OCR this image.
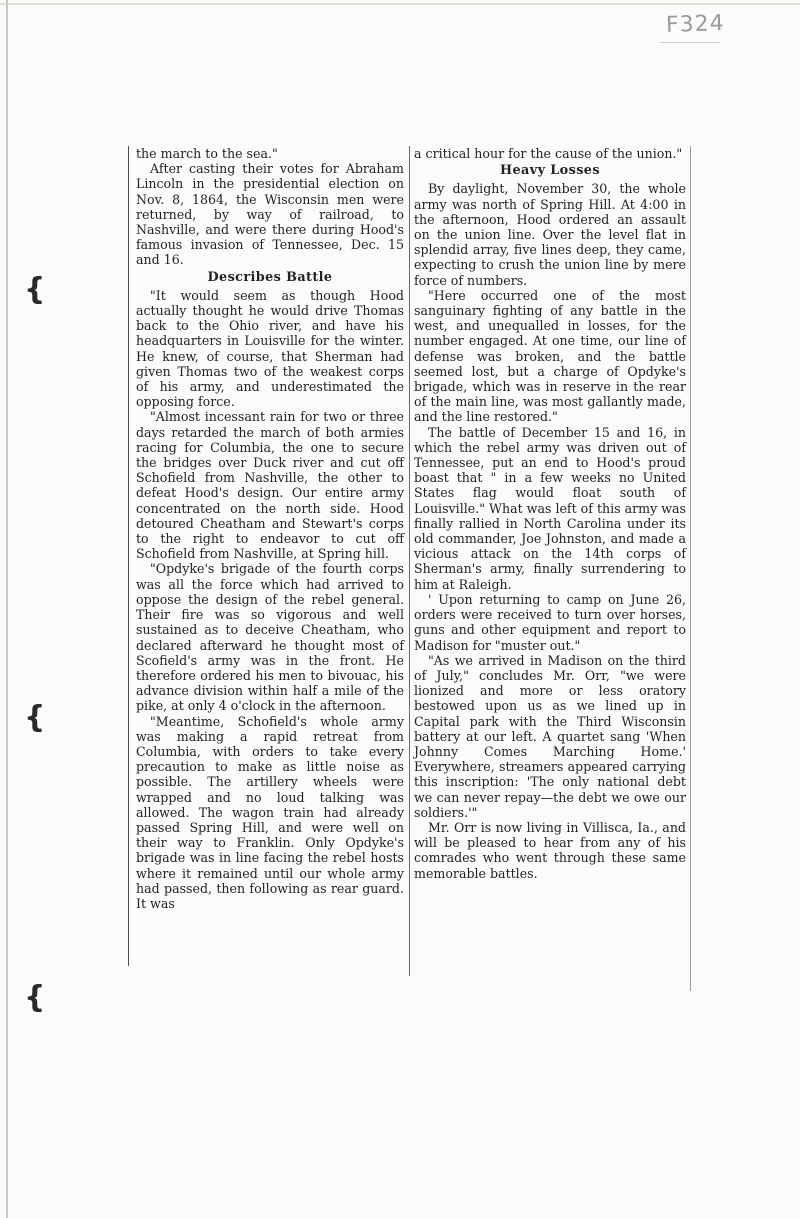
F324
{
{
{

the march to the sea."

After casting their votes for Abraham Lincoln in the presidential election on Nov. 8, 1864, the Wisconsin men were returned, by way of railroad, to Nashville, and were there during Hood's famous invasion of Tennessee, Dec. 15 and 16.

Describes Battle

"It would seem as though Hood actually thought he would drive Thomas back to the Ohio river, and have his headquarters in Louisville for the winter. He knew, of course, that Sherman had given Thomas two of the weakest corps of his army, and underestimated the opposing force.

"Almost incessant rain for two or three days retarded the march of both armies racing for Columbia, the one to secure the bridges over Duck river and cut off Schofield from Nashville, the other to defeat Hood's design. Our entire army concentrated on the north side. Hood detoured Cheatham and Stewart's corps to the right to endeavor to cut off Schofield from Nashville, at Spring hill.

"Opdyke's brigade of the fourth corps was all the force which had arrived to oppose the design of the rebel general. Their fire was so vigorous and well sustained as to deceive Cheatham, who declared afterward he thought most of Scofield's army was in the front. He therefore ordered his men to bivouac, his advance division within half a mile of the pike, at only 4 o'clock in the afternoon.

"Meantime, Schofield's whole army was making a rapid retreat from Columbia, with orders to take every precaution to make as little noise as possible. The artillery wheels were wrapped and no loud talking was allowed. The wagon train had already passed Spring Hill, and were well on their way to Franklin. Only Opdyke's brigade was in line facing the rebel hosts where it remained until our whole army had passed, then following as rear guard. It was

a critical hour for the cause of the union."

Heavy Losses

By daylight, November 30, the whole army was north of Spring Hill. At 4:00 in the afternoon, Hood ordered an assault on the union line. Over the level flat in splendid array, five lines deep, they came, expecting to crush the union line by mere force of numbers.

"Here occurred one of the most sanguinary fighting of any battle in the west, and unequalled in losses, for the number engaged. At one time, our line of defense was broken, and the battle seemed lost, but a charge of Opdyke's brigade, which was in reserve in the rear of the main line, was most gallantly made, and the line restored."

The battle of December 15 and 16, in which the rebel army was driven out of Tennessee, put an end to Hood's proud boast that " in a few weeks no United States flag would float south of Louisville." What was left of this army was finally rallied in North Carolina under its old commander, Joe Johnston, and made a vicious attack on the 14th corps of Sherman's army, finally surrendering to him at Raleigh.

' Upon returning to camp on June 26, orders were received to turn over horses, guns and other equipment and report to Madison for "muster out."

"As we arrived in Madison on the third of July," concludes Mr. Orr, "we were lionized and more or less oratory bestowed upon us as we lined up in Capital park with the Third Wisconsin battery at our left. A quartet sang 'When Johnny Comes Marching Home.' Everywhere, streamers appeared carrying this inscription: 'The only national debt we can never repay—the debt we owe our soldiers.'"

Mr. Orr is now living in Villisca, Ia., and will be pleased to hear from any of his comrades who went through these same memorable battles.
